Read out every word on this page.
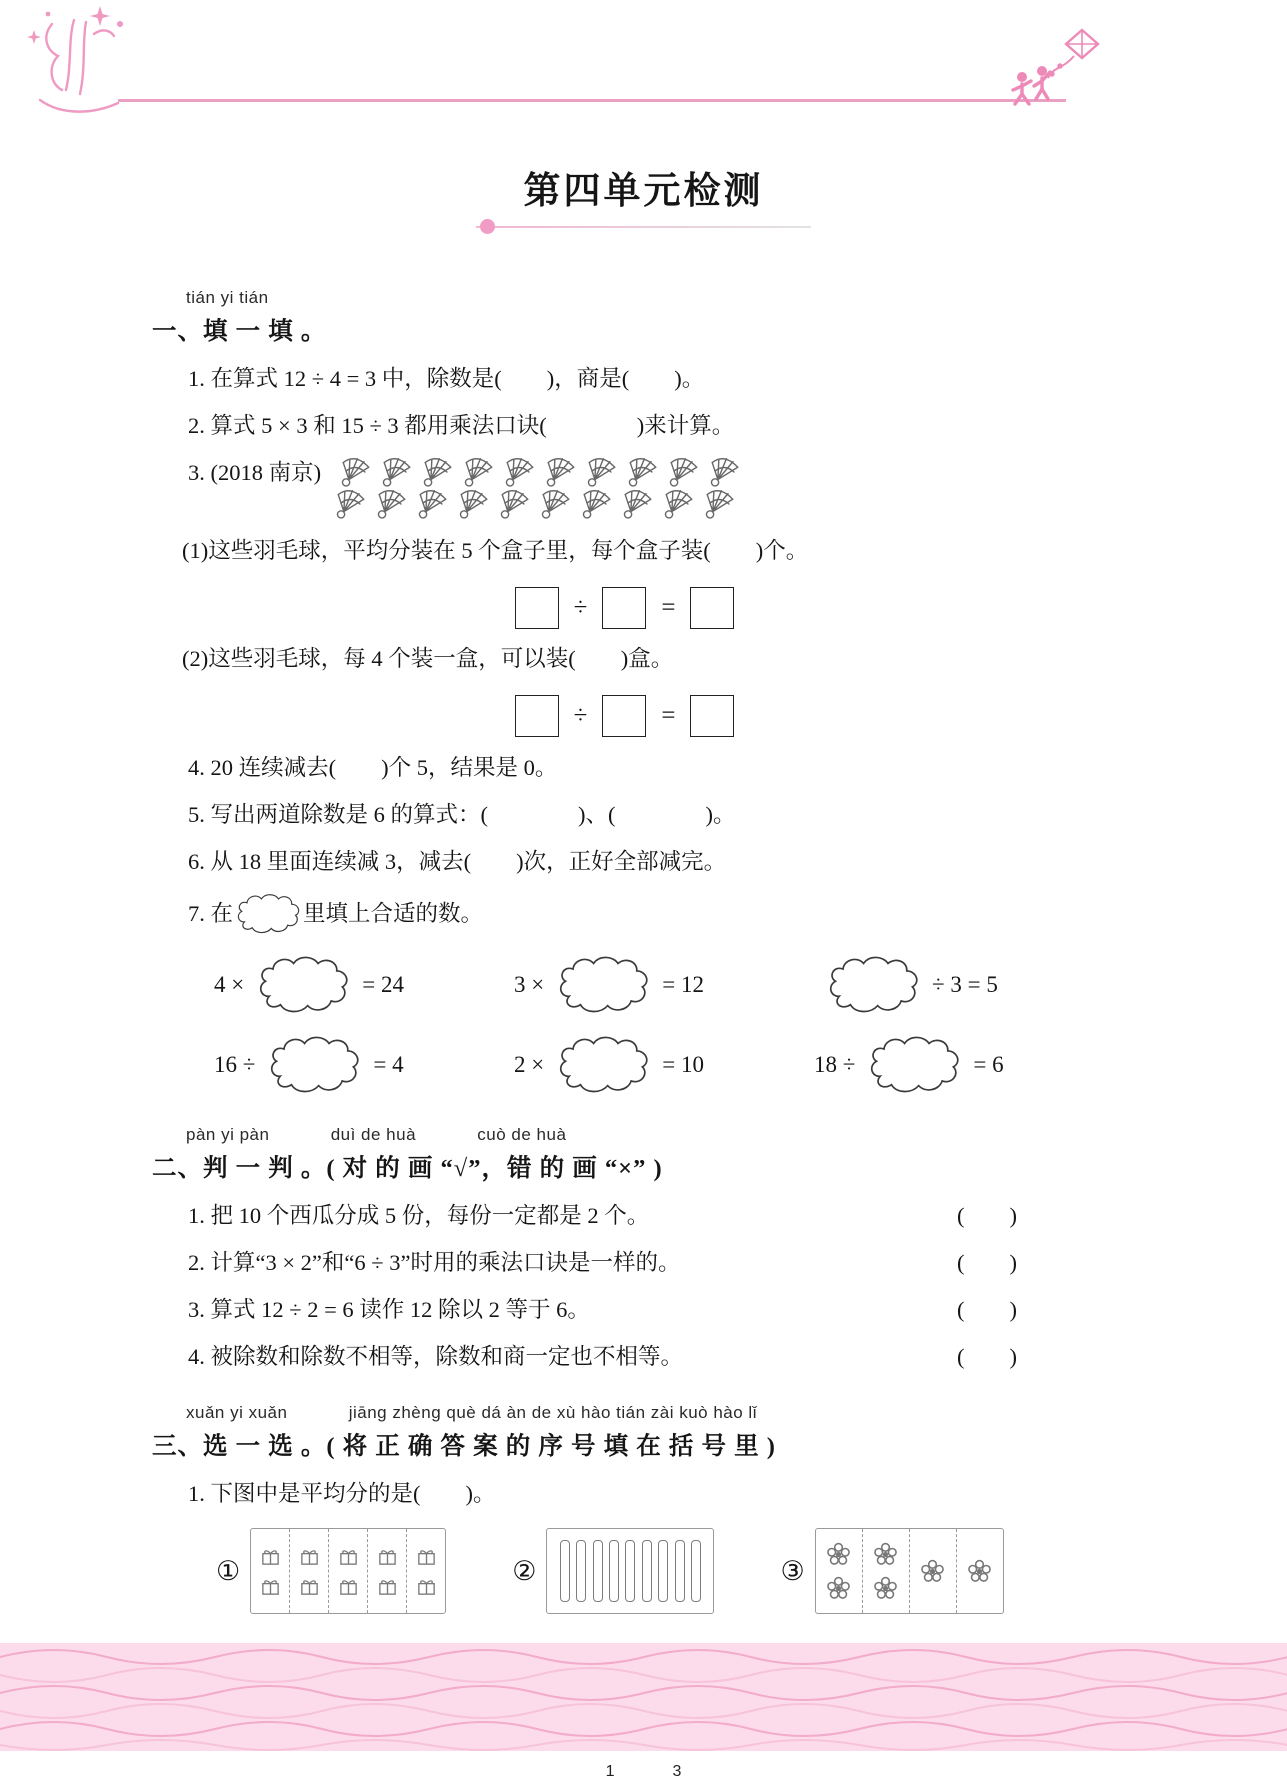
第四单元检测
tián yi tián
一、填 一 填 。
1. 在算式 12 ÷ 4 = 3 中，除数是(　　)，商是(　　)。
2. 算式 5 × 3 和 15 ÷ 3 都用乘法口诀(　　　　)来计算。
3. (2018 南京)
(1)这些羽毛球，平均分装在 5 个盒子里，每个盒子装(　　)个。
÷	=
(2)这些羽毛球，每 4 个装一盒，可以装(　　)盒。
÷	=
4. 20 连续减去(　　)个 5，结果是 0。
5. 写出两道除数是 6 的算式：(　　　　)、(　　　　)。
6. 从 18 里面连续减 3，减去(　　)次，正好全部减完。
7. 在	里填上合适的数。
4 ×	= 24	3 ×	= 12	÷ 3 = 5
16 ÷	= 4	2 ×	= 10	18 ÷	= 6
pàn yi pàn	duì de huà	cuò de huà
二、判 一 判 。( 对 的 画 “√”，错 的 画 “×” )
1. 把 10 个西瓜分成 5 份，每份一定都是 2 个。	(　　)
2. 计算“3 × 2”和“6 ÷ 3”时用的乘法口诀是一样的。	(　　)
3. 算式 12 ÷ 2 = 6 读作 12 除以 2 等于 6。	(　　)
4. 被除数和除数不相等，除数和商一定也不相等。	(　　)
xuǎn yi xuǎn	jiāng zhèng què dá àn de xù hào tián zài kuò hào lǐ
三、选 一 选 。( 将 正 确 答 案 的 序 号 填 在 括 号 里 )
1. 下图中是平均分的是(　　)。
①	②	③
1	3
